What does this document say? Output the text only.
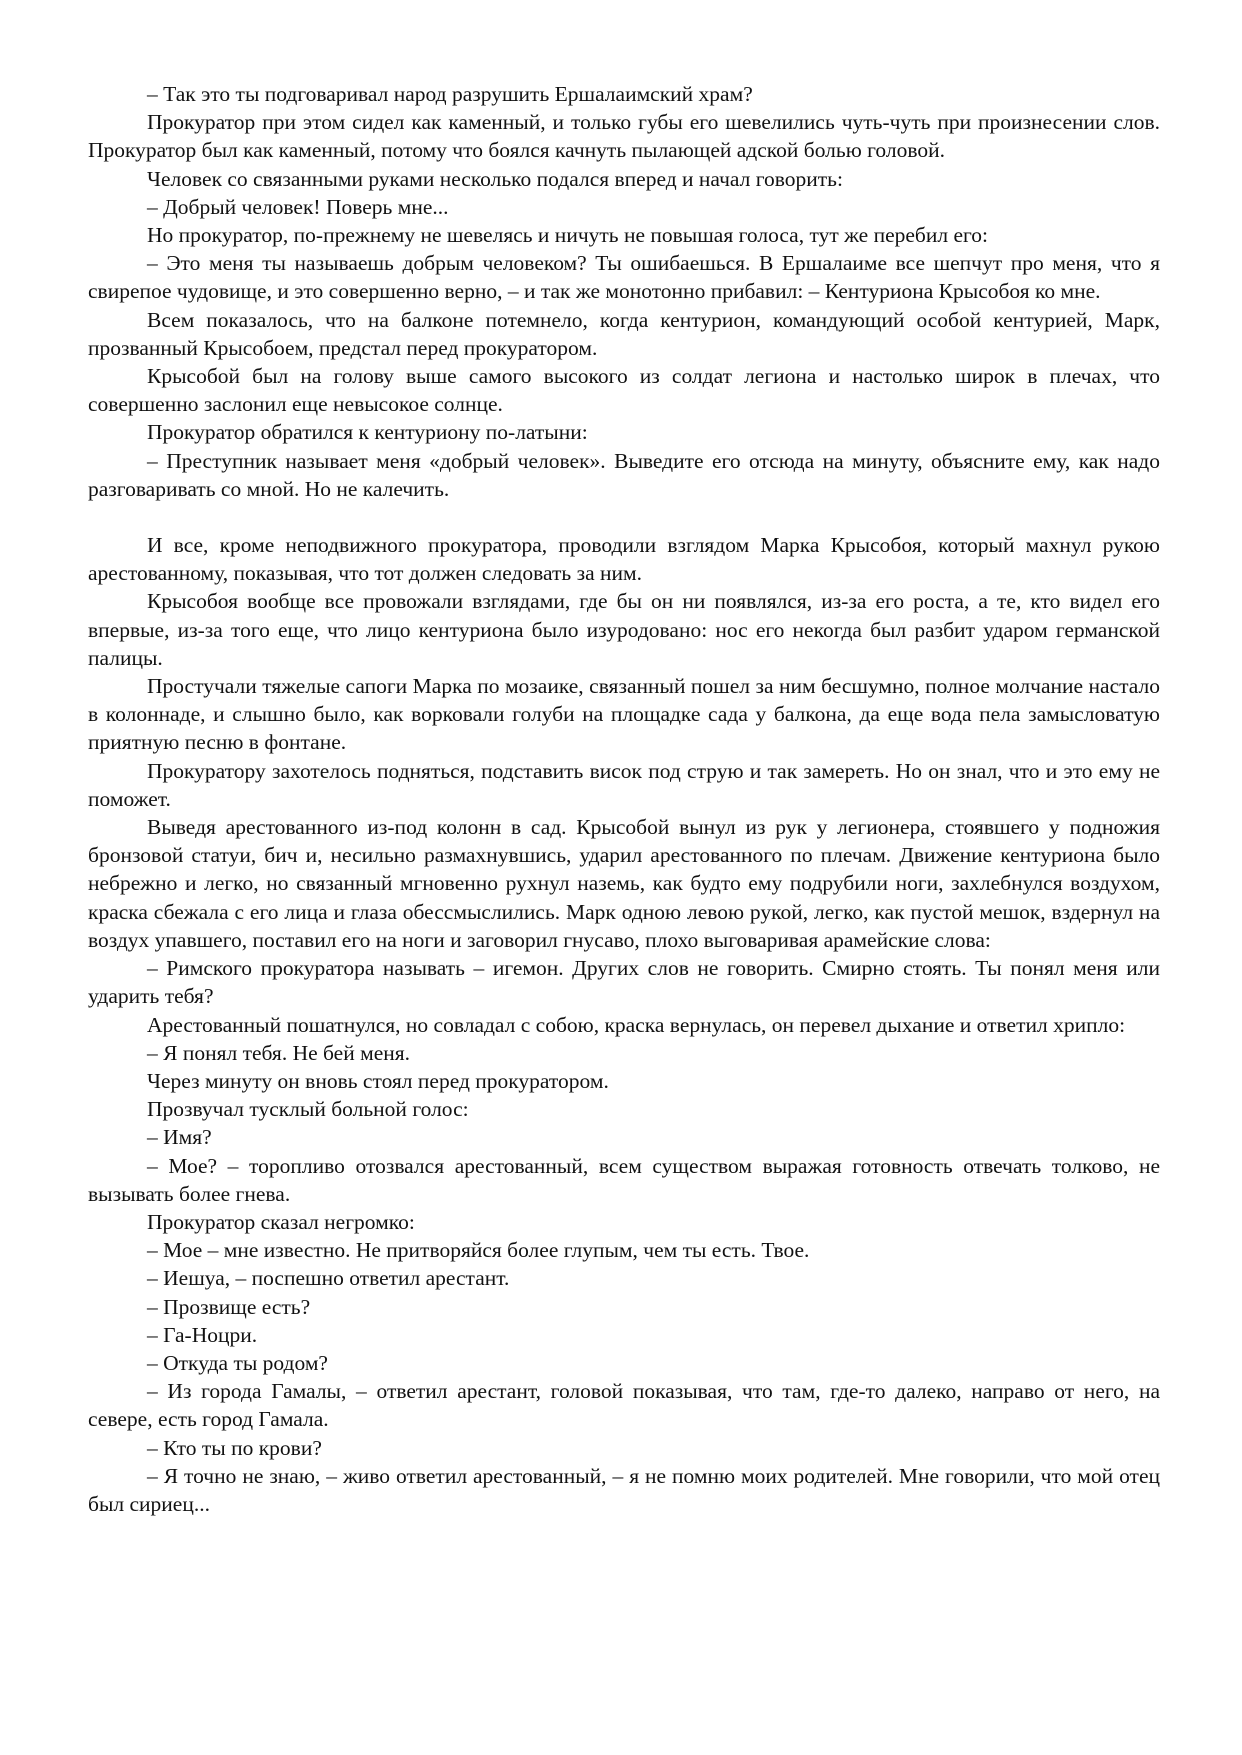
– Так это ты подговаривал народ разрушить Ершалаимский храм?

Прокуратор при этом сидел как каменный, и только губы его шевелились чуть-чуть при произнесении слов. Прокуратор был как каменный, потому что боялся качнуть пылающей адской болью головой.

Человек со связанными руками несколько подался вперед и начал говорить:

– Добрый человек! Поверь мне...

Но прокуратор, по-прежнему не шевелясь и ничуть не повышая голоса, тут же перебил его:

– Это меня ты называешь добрым человеком? Ты ошибаешься. В Ершалаиме все шепчут про меня, что я свирепое чудовище, и это совершенно верно, – и так же монотонно прибавил: – Кентуриона Крысобоя ко мне.

Всем показалось, что на балконе потемнело, когда кентурион, командующий особой кентурией, Марк, прозванный Крысобоем, предстал перед прокуратором.

Крысобой был на голову выше самого высокого из солдат легиона и настолько широк в плечах, что совершенно заслонил еще невысокое солнце.

Прокуратор обратился к кентуриону по-латыни:

– Преступник называет меня «добрый человек». Выведите его отсюда на минуту, объясните ему, как надо разговаривать со мной. Но не калечить.

И все, кроме неподвижного прокуратора, проводили взглядом Марка Крысобоя, который махнул рукою арестованному, показывая, что тот должен следовать за ним.

Крысобоя вообще все провожали взглядами, где бы он ни появлялся, из-за его роста, а те, кто видел его впервые, из-за того еще, что лицо кентуриона было изуродовано: нос его некогда был разбит ударом германской палицы.

Простучали тяжелые сапоги Марка по мозаике, связанный пошел за ним бесшумно, полное молчание настало в колоннаде, и слышно было, как ворковали голуби на площадке сада у балкона, да еще вода пела замысловатую приятную песню в фонтане.

Прокуратору захотелось подняться, подставить висок под струю и так замереть. Но он знал, что и это ему не поможет.

Выведя арестованного из-под колонн в сад. Крысобой вынул из рук у легионера, стоявшего у подножия бронзовой статуи, бич и, несильно размахнувшись, ударил арестованного по плечам. Движение кентуриона было небрежно и легко, но связанный мгновенно рухнул наземь, как будто ему подрубили ноги, захлебнулся воздухом, краска сбежала с его лица и глаза обессмыслились. Марк одною левою рукой, легко, как пустой мешок, вздернул на воздух упавшего, поставил его на ноги и заговорил гнусаво, плохо выговаривая арамейские слова:

– Римского прокуратора называть – игемон. Других слов не говорить. Смирно стоять. Ты понял меня или ударить тебя?

Арестованный пошатнулся, но совладал с собою, краска вернулась, он перевел дыхание и ответил хрипло:

– Я понял тебя. Не бей меня.

Через минуту он вновь стоял перед прокуратором.

Прозвучал тусклый больной голос:

– Имя?

– Мое? – торопливо отозвался арестованный, всем существом выражая готовность отвечать толково, не вызывать более гнева.

Прокуратор сказал негромко:

– Мое – мне известно. Не притворяйся более глупым, чем ты есть. Твое.

– Иешуа, – поспешно ответил арестант.

– Прозвище есть?

– Га-Ноцри.

– Откуда ты родом?

– Из города Гамалы, – ответил арестант, головой показывая, что там, где-то далеко, направо от него, на севере, есть город Гамала.

– Кто ты по крови?

– Я точно не знаю, – живо ответил арестованный, – я не помню моих родителей. Мне говорили, что мой отец был сириец...
